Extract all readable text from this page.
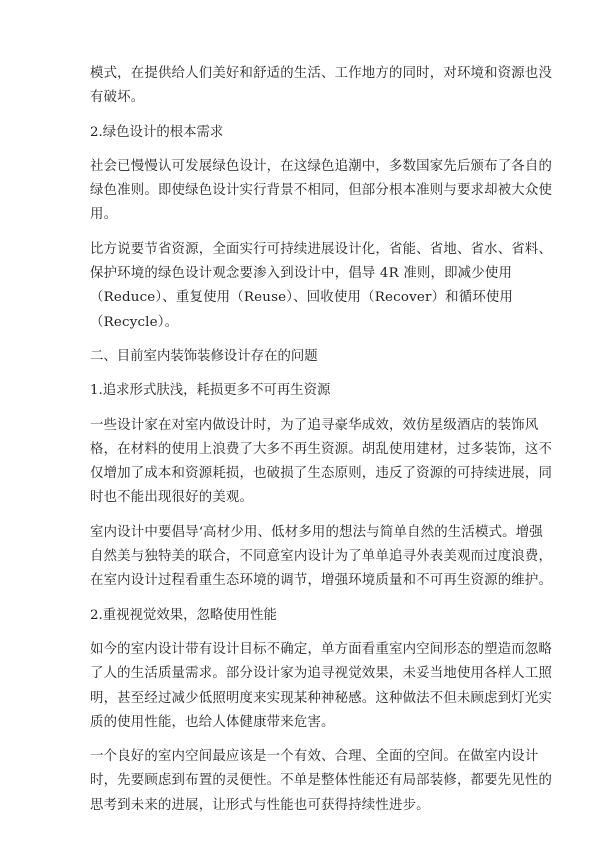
模式，在提供给人们美好和舒适的生活、工作地方的同时，对环境和资源也没
有破坏。
2.绿色设计的根本需求
社会已慢慢认可发展绿色设计，在这绿色追潮中，多数国家先后颁布了各自的
绿色准则。即使绿色设计实行背景不相同，但部分根本准则与要求却被大众使
用。
比方说要节省资源，全面实行可持续进展设计化，省能、省地、省水、省料、
保护环境的绿色设计观念要渗入到设计中，倡导 4R 准则，即减少使用
（Reduce）、重复使用（Reuse）、回收使用（Recover）和循环使用
（Recycle）。
二、目前室内装饰装修设计存在的问题
1.追求形式肤浅，耗损更多不可再生资源
一些设计家在对室内做设计时，为了追寻豪华成效，效仿星级酒店的装饰风
格，在材料的使用上浪费了大多不再生资源。胡乱使用建材，过多装饰，这不
仅增加了成本和资源耗损，也破损了生态原则，违反了资源的可持续进展，同
时也不能出现很好的美观。
室内设计中要倡导‘高材少用、低材多用的想法与简单自然的生活模式。增强
自然美与独特美的联合，不同意室内设计为了单单追寻外表美观而过度浪费，
在室内设计过程看重生态环境的调节，增强环境质量和不可再生资源的维护。
2.重视视觉效果，忽略使用性能
如今的室内设计带有设计目标不确定，单方面看重室内空间形态的塑造而忽略
了人的生活质量需求。部分设计家为追寻视觉效果，未妥当地使用各样人工照
明，甚至经过减少低照明度来实现某种神秘感。这种做法不但未顾虑到灯光实
质的使用性能，也给人体健康带来危害。
一个良好的室内空间最应该是一个有效、合理、全面的空间。在做室内设计
时，先要顾虑到布置的灵便性。不单是整体性能还有局部装修，都要先见性的
思考到未来的进展，让形式与性能也可获得持续性进步。
